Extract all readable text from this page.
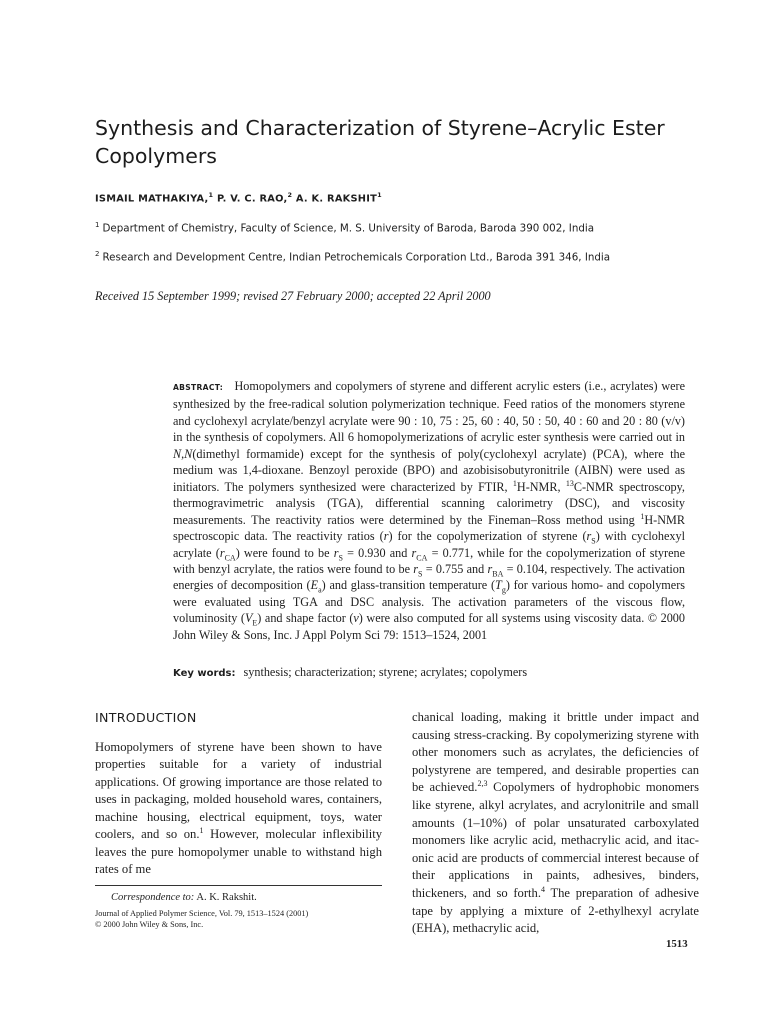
Synthesis and Characterization of Styrene–Acrylic Ester Copolymers

ISMAIL MATHAKIYA,$^1$ P. V. C. RAO,$^2$ A. K. RAKSHIT$^1$

$^1$ Department of Chemistry, Faculty of Science, M. S. University of Baroda, Baroda 390 002, India

$^2$ Research and Development Centre, Indian Petrochemicals Corporation Ltd., Baroda 391 346, India

Received 15 September 1999; revised 27 February 2000; accepted 22 April 2000

ABSTRACT: Homopolymers and copolymers of styrene and different acrylic esters (i.e., acrylates) were synthesized by the free-radical solution polymerization technique. Feed ratios of the monomers styrene and cyclohexyl acrylate/benzyl acrylate were 90 : 10, 75 : 25, 60 : 40, 50 : 50, 40 : 60 and 20 : 80 (v/v) in the synthesis of copolymers. All 6 homopolymerizations of acrylic ester synthesis were carried out in N,N(dimethyl formamide) except for the synthesis of poly(cyclohexyl acrylate) (PCA), where the medium was 1,4-dioxane. Benzoyl peroxide (BPO) and azobisisobutyronitrile (AIBN) were used as initiators. The polymers synthesized were characterized by FTIR, $^1$H-NMR, $^{13}$C-NMR spectroscopy, thermogravimetric analysis (TGA), differential scanning calorimetry (DSC), and viscosity measurements. The reactivity ratios were determined by the Fineman–Ross method using $^1$H-NMR spectroscopic data. The reactivity ratios (r) for the copolymerization of styrene $(r_S)$ with cyclohexyl acrylate $(r_{CA})$ were found to be $r_S = 0.930$ and $r_{CA} = 0.771$, while for the copolymerization of styrene with benzyl acrylate, the ratios were found to be $r_S = 0.755$ and $r_{BA} = 0.104$, respectively. The activation energies of decomposition $(E_a)$ and glass-transition temperature $(T_g)$ for various homo- and copolymers were evaluated using TGA and DSC analysis. The activation parameters of the viscous flow, voluminosity $(V_E)$ and shape factor (ν) were also computed for all systems using viscosity data. © 2000 John Wiley & Sons, Inc. J Appl Polym Sci 79: 1513–1524, 2001

Key words: synthesis; characterization; styrene; acrylates; copolymers

INTRODUCTION

Homopolymers of styrene have been shown to have properties suitable for a variety of industrial applications. Of growing importance are those related to uses in packaging, molded household wares, containers, machine housing, electrical equipment, toys, water coolers, and so on.$^1$ However, molecular inflexibility leaves the pure homopolymer unable to withstand high rates of me

chanical loading, making it brittle under impact and causing stress-cracking. By copolymerizing styrene with other monomers such as acrylates, the deficiencies of polystyrene are tempered, and desirable properties can be achieved.$^{2,3}$ Copolymers of hydrophobic monomers like styrene, alkyl acrylates, and acrylonitrile and small amounts (1–10%) of polar unsaturated carboxylated monomers like acrylic acid, methacrylic acid, and itaconic acid are products of commercial interest because of their applications in paints, adhesives, binders, thickeners, and so forth.$^4$ The preparation of adhesive tape by applying a mixture of 2-ethylhexyl acrylate (EHA), methacrylic acid,

Correspondence to: A. K. Rakshit.

Journal of Applied Polymer Science, Vol. 79, 1513–1524 (2001)
© 2000 John Wiley & Sons, Inc.

1513
